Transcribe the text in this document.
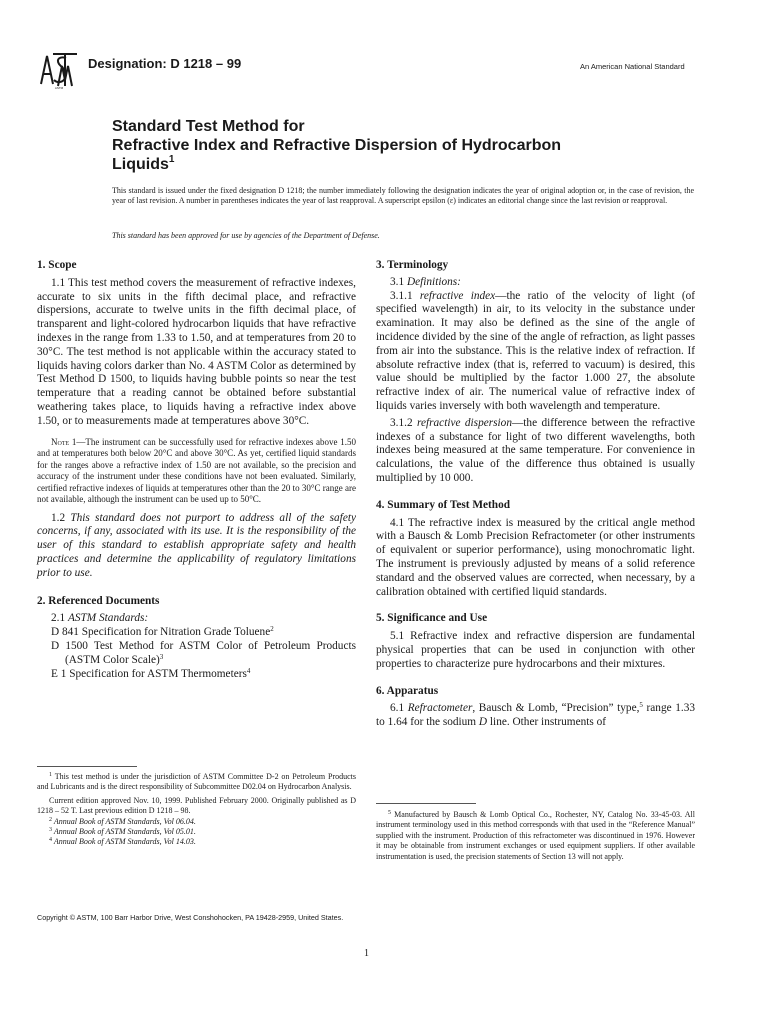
ASTM
Designation: D 1218 – 99	An American National Standard
Standard Test Method for
Refractive Index and Refractive Dispersion of Hydrocarbon
Liquids$^1$
This standard is issued under the fixed designation D 1218; the number immediately following the designation indicates the year of original adoption or, in the case of revision, the year of last revision. A number in parentheses indicates the year of last reapproval. A superscript epsilon (ε) indicates an editorial change since the last revision or reapproval.
This standard has been approved for use by agencies of the Department of Defense.
1. Scope

1.1 This test method covers the measurement of refractive indexes, accurate to six units in the fifth decimal place, and refractive dispersions, accurate to twelve units in the fifth decimal place, of transparent and light-colored hydrocarbon liquids that have refractive indexes in the range from 1.33 to 1.50, and at temperatures from 20 to 30°C. The test method is not applicable within the accuracy stated to liquids having colors darker than No. 4 ASTM Color as determined by Test Method D 1500, to liquids having bubble points so near the test temperature that a reading cannot be obtained before substantial weathering takes place, to liquids having a refractive index above 1.50, or to measurements made at temperatures above 30°C.

Note 1—The instrument can be successfully used for refractive indexes above 1.50 and at temperatures both below 20°C and above 30°C. As yet, certified liquid standards for the ranges above a refractive index of 1.50 are not available, so the precision and accuracy of the instrument under these conditions have not been evaluated. Similarly, certified refractive indexes of liquids at temperatures other than the 20 to 30°C range are not available, although the instrument can be used up to 50°C.

1.2 This standard does not purport to address all of the safety concerns, if any, associated with its use. It is the responsibility of the user of this standard to establish appropriate safety and health practices and determine the applicability of regulatory limitations prior to use.

2. Referenced Documents
2.1 ASTM Standards:
D 841 Specification for Nitration Grade Toluene$^2$
D 1500 Test Method for ASTM Color of Petroleum Products (ASTM Color Scale)$^3$
E 1 Specification for ASTM Thermometers$^4$
$^1$ This test method is under the jurisdiction of ASTM Committee D-2 on Petroleum Products and Lubricants and is the direct responsibility of Subcommittee D02.04 on Hydrocarbon Analysis.
Current edition approved Nov. 10, 1999. Published February 2000. Originally published as D 1218 – 52 T. Last previous edition D 1218 – 98.
$^2$ Annual Book of ASTM Standards, Vol 06.04.
$^3$ Annual Book of ASTM Standards, Vol 05.01.
$^4$ Annual Book of ASTM Standards, Vol 14.03.
3. Terminology

3.1 Definitions:

3.1.1 refractive index—the ratio of the velocity of light (of specified wavelength) in air, to its velocity in the substance under examination. It may also be defined as the sine of the angle of incidence divided by the sine of the angle of refraction, as light passes from air into the substance. This is the relative index of refraction. If absolute refractive index (that is, referred to vacuum) is desired, this value should be multiplied by the factor 1.000 27, the absolute refractive index of air. The numerical value of refractive index of liquids varies inversely with both wavelength and temperature.

3.1.2 refractive dispersion—the difference between the refractive indexes of a substance for light of two different wavelengths, both indexes being measured at the same temperature. For convenience in calculations, the value of the difference thus obtained is usually multiplied by 10 000.

4. Summary of Test Method

4.1 The refractive index is measured by the critical angle method with a Bausch & Lomb Precision Refractometer (or other instruments of equivalent or superior performance), using monochromatic light. The instrument is previously adjusted by means of a solid reference standard and the observed values are corrected, when necessary, by a calibration obtained with certified liquid standards.

5. Significance and Use

5.1 Refractive index and refractive dispersion are fundamental physical properties that can be used in conjunction with other properties to characterize pure hydrocarbons and their mixtures.

6. Apparatus

6.1 Refractometer, Bausch & Lomb, “Precision” type,$^5$ range 1.33 to 1.64 for the sodium D line. Other instruments of

$^5$ Manufactured by Bausch & Lomb Optical Co., Rochester, NY, Catalog No. 33-45-03. All instrument terminology used in this method corresponds with that used in the “Reference Manual” supplied with the instrument. Production of this refractometer was discontinued in 1976. However it may be obtainable from instrument exchanges or used equipment suppliers. If other available instrumentation is used, the precision statements of Section 13 will not apply.
Copyright © ASTM, 100 Barr Harbor Drive, West Conshohocken, PA 19428-2959, United States.
1
